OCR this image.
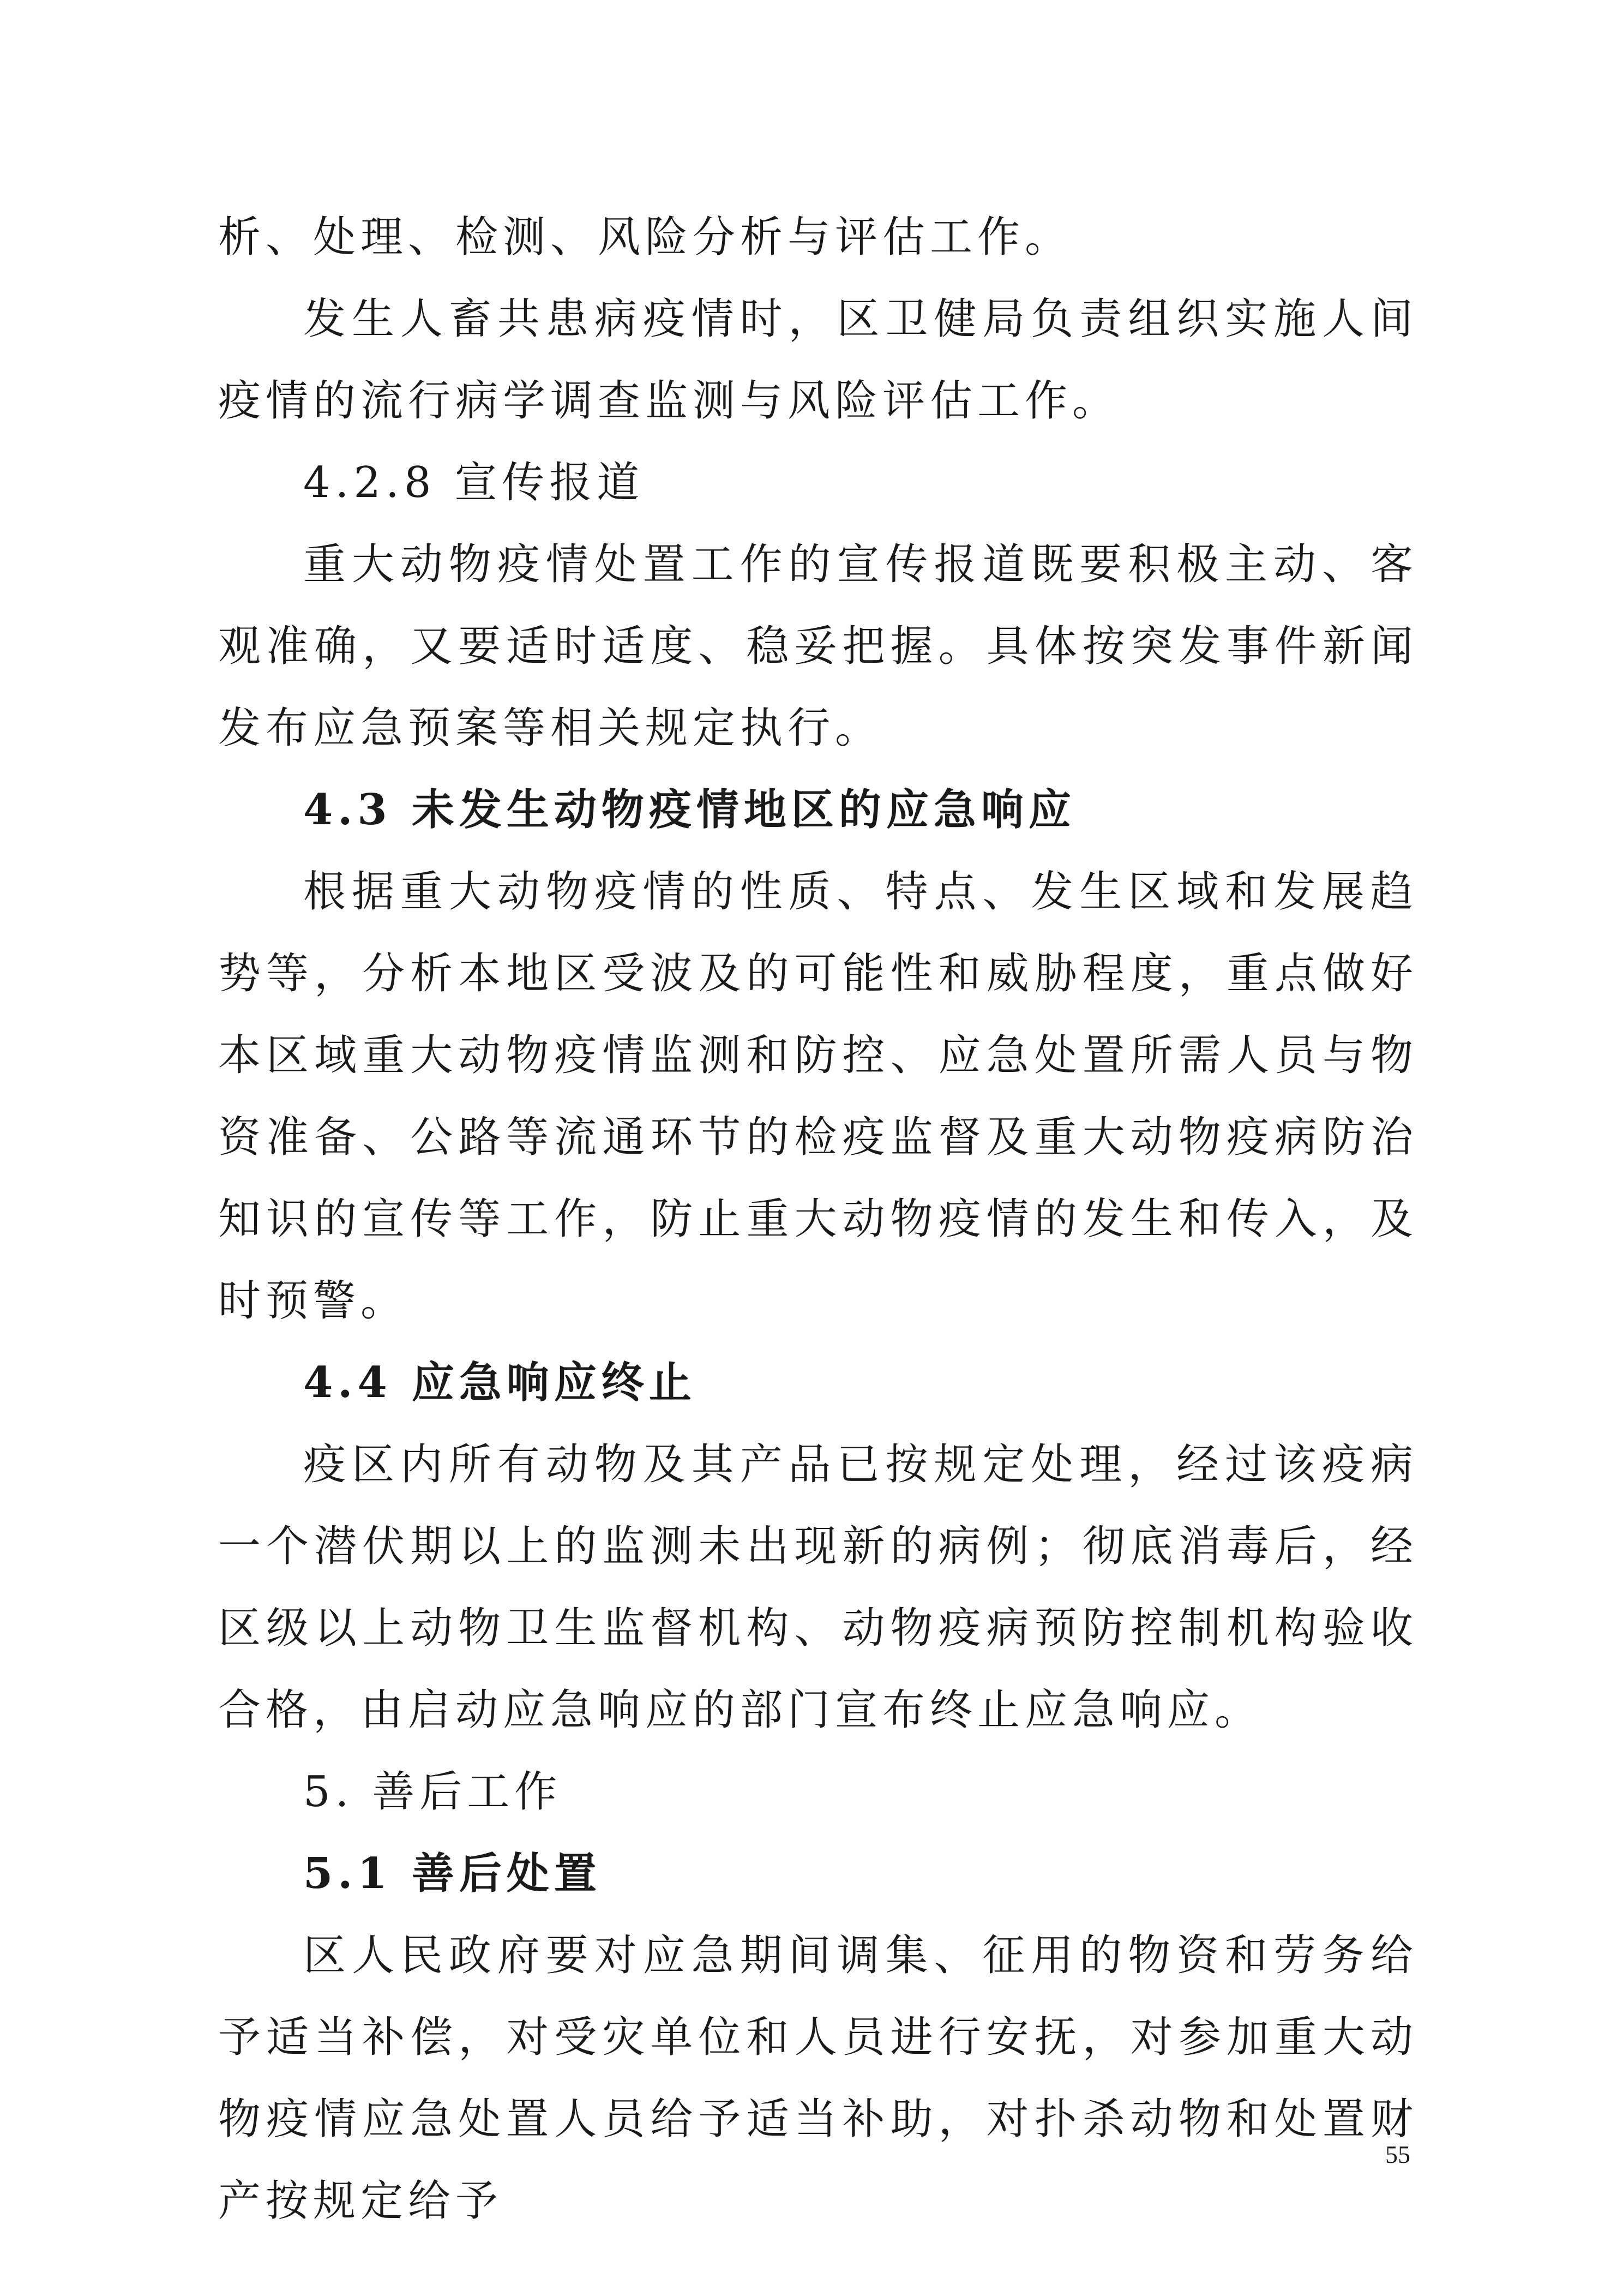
析、处理、检测、风险分析与评估工作。

发生人畜共患病疫情时，区卫健局负责组织实施人间疫情的流行病学调查监测与风险评估工作。

4.2.8 宣传报道

重大动物疫情处置工作的宣传报道既要积极主动、客观准确，又要适时适度、稳妥把握。具体按突发事件新闻发布应急预案等相关规定执行。

4.3 未发生动物疫情地区的应急响应

根据重大动物疫情的性质、特点、发生区域和发展趋势等，分析本地区受波及的可能性和威胁程度，重点做好本区域重大动物疫情监测和防控、应急处置所需人员与物资准备、公路等流通环节的检疫监督及重大动物疫病防治知识的宣传等工作，防止重大动物疫情的发生和传入，及时预警。

4.4 应急响应终止

疫区内所有动物及其产品已按规定处理，经过该疫病一个潜伏期以上的监测未出现新的病例；彻底消毒后，经区级以上动物卫生监督机构、动物疫病预防控制机构验收合格，由启动应急响应的部门宣布终止应急响应。

5. 善后工作

5.1 善后处置

区人民政府要对应急期间调集、征用的物资和劳务给予适当补偿，对受灾单位和人员进行安抚，对参加重大动物疫情应急处置人员给予适当补助，对扑杀动物和处置财产按规定给予

55
